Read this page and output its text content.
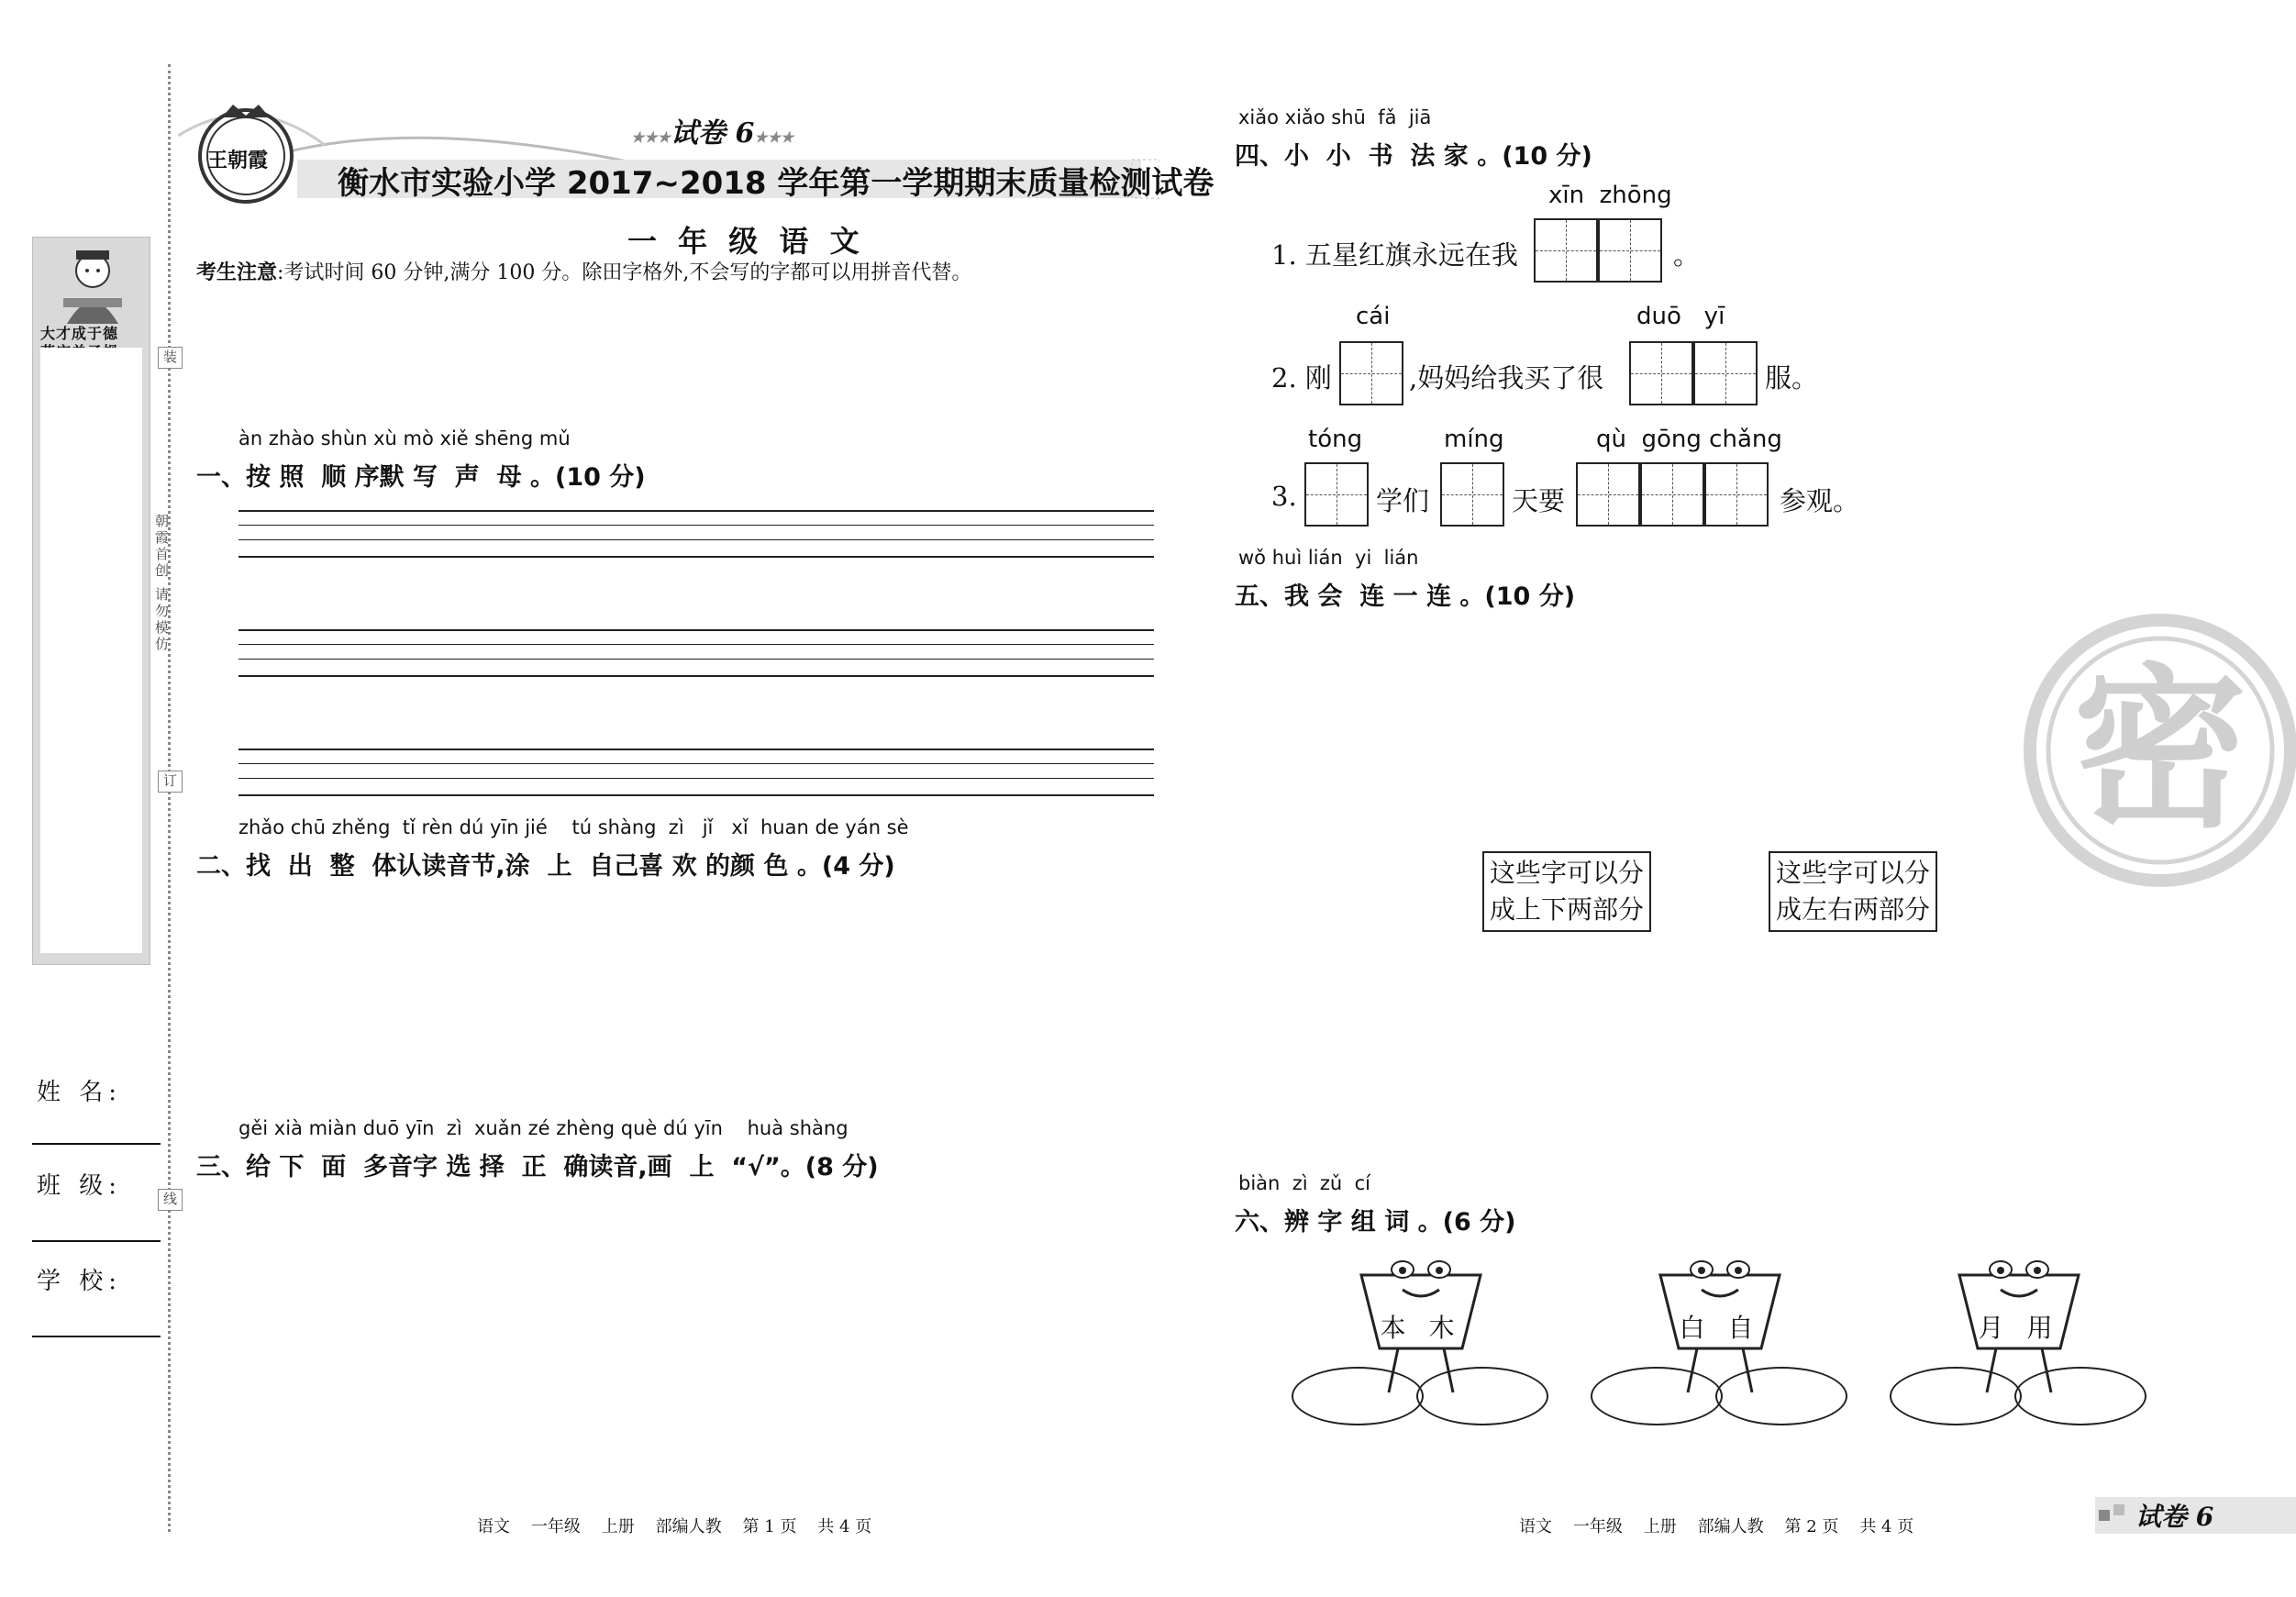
大才成于德
装
订
线
朝霞首创 请勿模仿
姓 名:
班 级:
学 校:
王朝霞
★★★试卷 6★★★
衡水市实验小学 2017~2018 学年第一学期期末质量检测试卷
一 年 级 语 文
考生注意:考试时间 60 分钟,满分 100 分。除田字格外,不会写的字都可以用拼音代替。

àn zhào shùn xù mò xiě shēng mǔ
一、按 照  顺 序默 写  声  母 。(10 分)
zhǎo chū zhěng  tǐ rèn dú yīn jié    tú shàng  zì   jǐ   xǐ  huan de yán sè
二、找  出  整  体认读音节,涂  上  自己喜 欢 的颜 色 。(4 分)
gěi xià miàn duō yīn  zì  xuǎn zé zhèng què dú yīn    huà shàng
三、给 下  面  多音字 选 择  正  确读音,画  上  “√”。(8 分)
xiǎo xiǎo shū  fǎ  jiā
四、小  小  书  法 家 。(10 分)
xīn  zhōng
1. 五星红旗永远在我	。
cái	duō   yī
2. 刚	,妈妈给我买了很	服。
tóng	míng	qù  gōng chǎng
3.	学们	天要	参观。
wǒ huì lián  yi  lián
五、我 会  连 一 连 。(10 分)
这些字可以分
成上下两部分
这些字可以分
成左右两部分
biàn  zì  zǔ  cí
六、辨 字 组 词 。(6 分)
本 木	白 自	月 用
密
语文    一年级    上册    部编人教    第 1 页    共 4 页	语文    一年级    上册    部编人教    第 2 页    共 4 页	试卷 6
